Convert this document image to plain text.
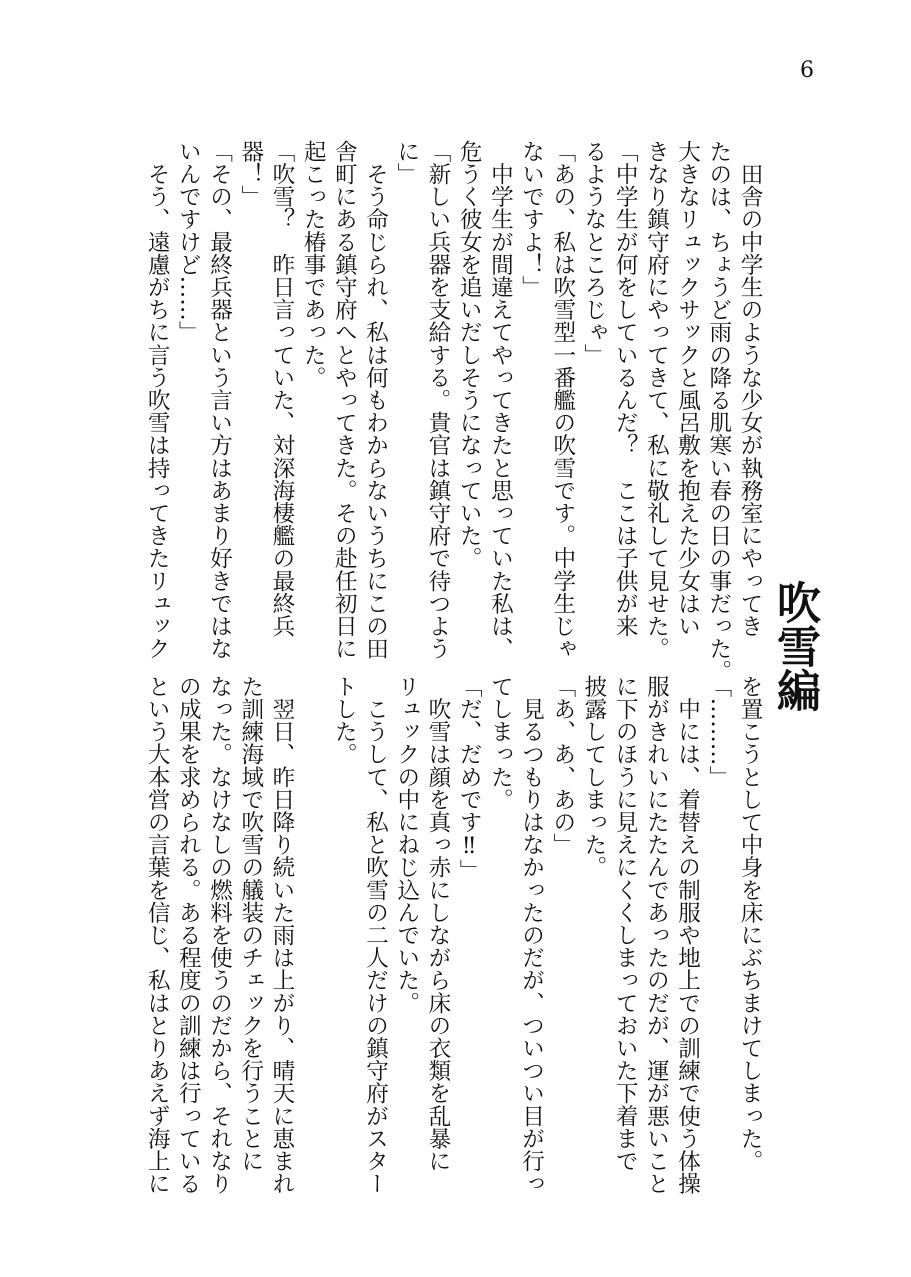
6
吹雪編
　田舎の中学生のような少女が執務室にやってき
たのは、ちょうど雨の降る肌寒い春の日の事だった。
大きなリュックサックと風呂敷を抱えた少女はい
きなり鎮守府にやってきて、私に敬礼して見せた。
「中学生が何をしているんだ？　ここは子供が来
るようなところじゃ」
「あの、私は吹雪型一番艦の吹雪です。中学生じゃ
ないですよ！」
　中学生が間違えてやってきたと思っていた私は、
危うく彼女を追いだしそうになっていた。
「新しい兵器を支給する。貴官は鎮守府で待つよう
に」
　そう命じられ、私は何もわからないうちにこの田
舎町にある鎮守府へとやってきた。その赴任初日に
起こった椿事であった。
「吹雪？　昨日言っていた、対深海棲艦の最終兵
器！」
「その、最終兵器という言い方はあまり好きではな
いんですけど……」
　そう、遠慮がちに言う吹雪は持ってきたリュック
を置こうとして中身を床にぶちまけてしまった。
「………」
　中には、着替えの制服や地上での訓練で使う体操
服がきれいにたたんであったのだが、運が悪いこと
に下のほうに見えにくくしまっておいた下着まで
披露してしまった。
「あ、あ、あの」
　見るつもりはなかったのだが、ついつい目が行っ
てしまった。
「だ、だめです‼」
　吹雪は顔を真っ赤にしながら床の衣類を乱暴に
リュックの中にねじ込んでいた。
　こうして、私と吹雪の二人だけの鎮守府がスター
トした。
　翌日、昨日降り続いた雨は上がり、晴天に恵まれ
た訓練海域で吹雪の艤装のチェックを行うことに
なった。なけなしの燃料を使うのだから、それなり
の成果を求められる。ある程度の訓練は行っている
という大本営の言葉を信じ、私はとりあえず海上に
